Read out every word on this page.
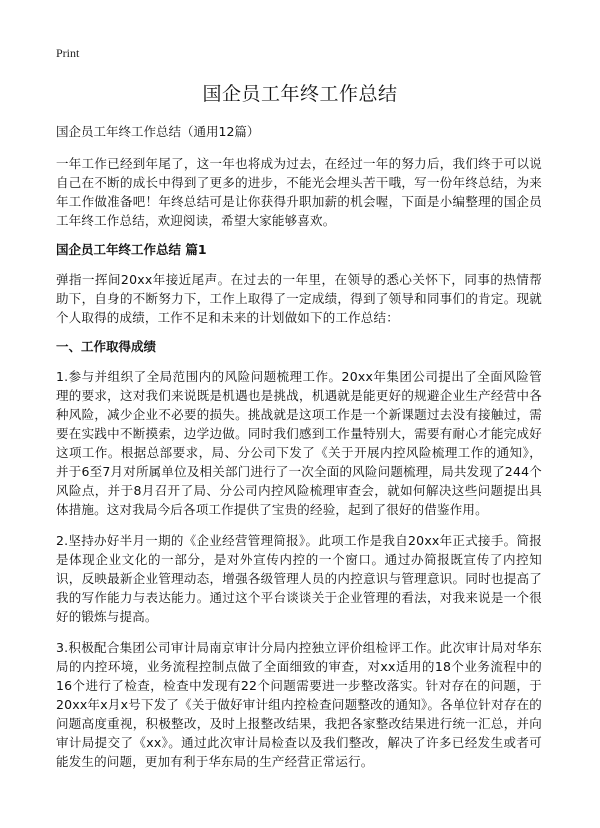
Print
国企员工年终工作总结
国企员工年终工作总结（通用12篇）

一年工作已经到年尾了，这一年也将成为过去，在经过一年的努力后，我们终于可以说自己在不断的成长中得到了更多的进步，不能光会埋头苦干哦，写一份年终总结，为来年工作做准备吧！年终总结可是让你获得升职加薪的机会喔，下面是小编整理的国企员工年终工作总结，欢迎阅读，希望大家能够喜欢。

国企员工年终工作总结 篇1

弹指一挥间20xx年接近尾声。在过去的一年里，在领导的悉心关怀下，同事的热情帮助下，自身的不断努力下，工作上取得了一定成绩，得到了领导和同事们的肯定。现就个人取得的成绩，工作不足和未来的计划做如下的工作总结：

一、工作取得成绩

1.参与并组织了全局范围内的风险问题梳理工作。20xx年集团公司提出了全面风险管理的要求，这对我们来说既是机遇也是挑战，机遇就是能更好的规避企业生产经营中各种风险，减少企业不必要的损失。挑战就是这项工作是一个新课题过去没有接触过，需要在实践中不断摸索，边学边做。同时我们感到工作量特别大，需要有耐心才能完成好这项工作。根据总部要求，局、分公司下发了《关于开展内控风险梳理工作的通知》，并于6至7月对所属单位及相关部门进行了一次全面的风险问题梳理，局共发现了244个风险点，并于8月召开了局、分公司内控风险梳理审查会，就如何解决这些问题提出具体措施。这对我局今后各项工作提供了宝贵的经验，起到了很好的借鉴作用。

2.坚持办好半月一期的《企业经营管理简报》。此项工作是我自20xx年正式接手。简报是体现企业文化的一部分，是对外宣传内控的一个窗口。通过办简报既宣传了内控知识，反映最新企业管理动态，增强各级管理人员的内控意识与管理意识。同时也提高了我的写作能力与表达能力。通过这个平台谈谈关于企业管理的看法，对我来说是一个很好的锻炼与提高。

3.积极配合集团公司审计局南京审计分局内控独立评价组检评工作。此次审计局对华东局的内控环境，业务流程控制点做了全面细致的审查，对xx适用的18个业务流程中的16个进行了检查，检查中发现有22个问题需要进一步整改落实。针对存在的问题，于20xx年x月x号下发了《关于做好审计组内控检查问题整改的通知》。各单位针对存在的问题高度重视，积极整改，及时上报整改结果，我把各家整改结果进行统一汇总，并向审计局提交了《xx》。通过此次审计局检查以及我们整改，解决了许多已经发生或者可能发生的问题，更加有利于华东局的生产经营正常运行。
